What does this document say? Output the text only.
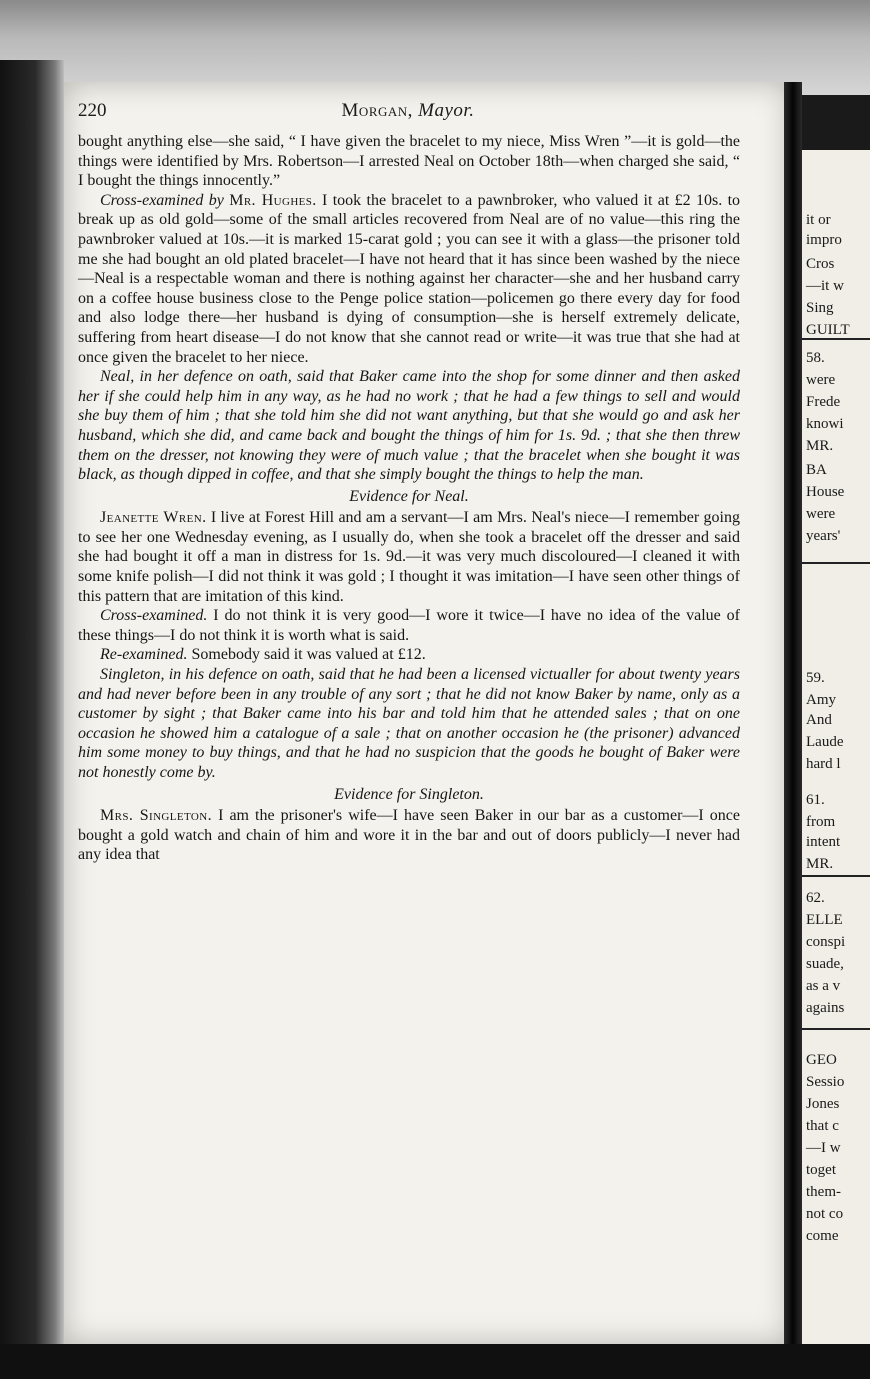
220	Morgan, Mayor.

bought anything else—she said, “ I have given the bracelet to my niece, Miss Wren ”—it is gold—the things were identified by Mrs. Robertson—I arrested Neal on October 18th—when charged she said, “ I bought the things innocently.”

Cross-examined by Mr. Hughes. I took the bracelet to a pawnbroker, who valued it at £2 10s. to break up as old gold—some of the small articles recovered from Neal are of no value—this ring the pawnbroker valued at 10s.—it is marked 15-carat gold ; you can see it with a glass—the prisoner told me she had bought an old plated bracelet—I have not heard that it has since been washed by the niece—Neal is a respectable woman and there is nothing against her character—she and her husband carry on a coffee house business close to the Penge police station—policemen go there every day for food and also lodge there—her husband is dying of consumption—she is herself extremely delicate, suffering from heart disease—I do not know that she cannot read or write—it was true that she had at once given the bracelet to her niece.

Neal, in her defence on oath, said that Baker came into the shop for some dinner and then asked her if she could help him in any way, as he had no work ; that he had a few things to sell and would she buy them of him ; that she told him she did not want anything, but that she would go and ask her husband, which she did, and came back and bought the things of him for 1s. 9d. ; that she then threw them on the dresser, not knowing they were of much value ; that the bracelet when she bought it was black, as though dipped in coffee, and that she simply bought the things to help the man.

Evidence for Neal.

Jeanette Wren. I live at Forest Hill and am a servant—I am Mrs. Neal's niece—I remember going to see her one Wednesday evening, as I usually do, when she took a bracelet off the dresser and said she had bought it off a man in distress for 1s. 9d.—it was very much discoloured—I cleaned it with some knife polish—I did not think it was gold ; I thought it was imitation—I have seen other things of this pattern that are imitation of this kind.

Cross-examined. I do not think it is very good—I wore it twice—I have no idea of the value of these things—I do not think it is worth what is said.

Re-examined. Somebody said it was valued at £12.

Singleton, in his defence on oath, said that he had been a licensed victualler for about twenty years and had never before been in any trouble of any sort ; that he did not know Baker by name, only as a customer by sight ; that Baker came into his bar and told him that he attended sales ; that on one occasion he showed him a catalogue of a sale ; that on another occasion he (the prisoner) advanced him some money to buy things, and that he had no suspicion that the goods he bought of Baker were not honestly come by.

Evidence for Singleton.

Mrs. Singleton. I am the prisoner's wife—I have seen Baker in our bar as a customer—I once bought a gold watch and chain of him and wore it in the bar and out of doors publicly—I never had any idea that

it or
impro
Cros
—it w
Sing
GUILT
58.
were
Frede
knowi
MR.
BA
House
were
years'
59.
Amy
And
Laude
hard l
61.
from
intent
MR.
62.
ELLE
conspi
suade,
as a v
agains
GEO
Sessio
Jones
that c
—I w
toget
them-
not co
come
